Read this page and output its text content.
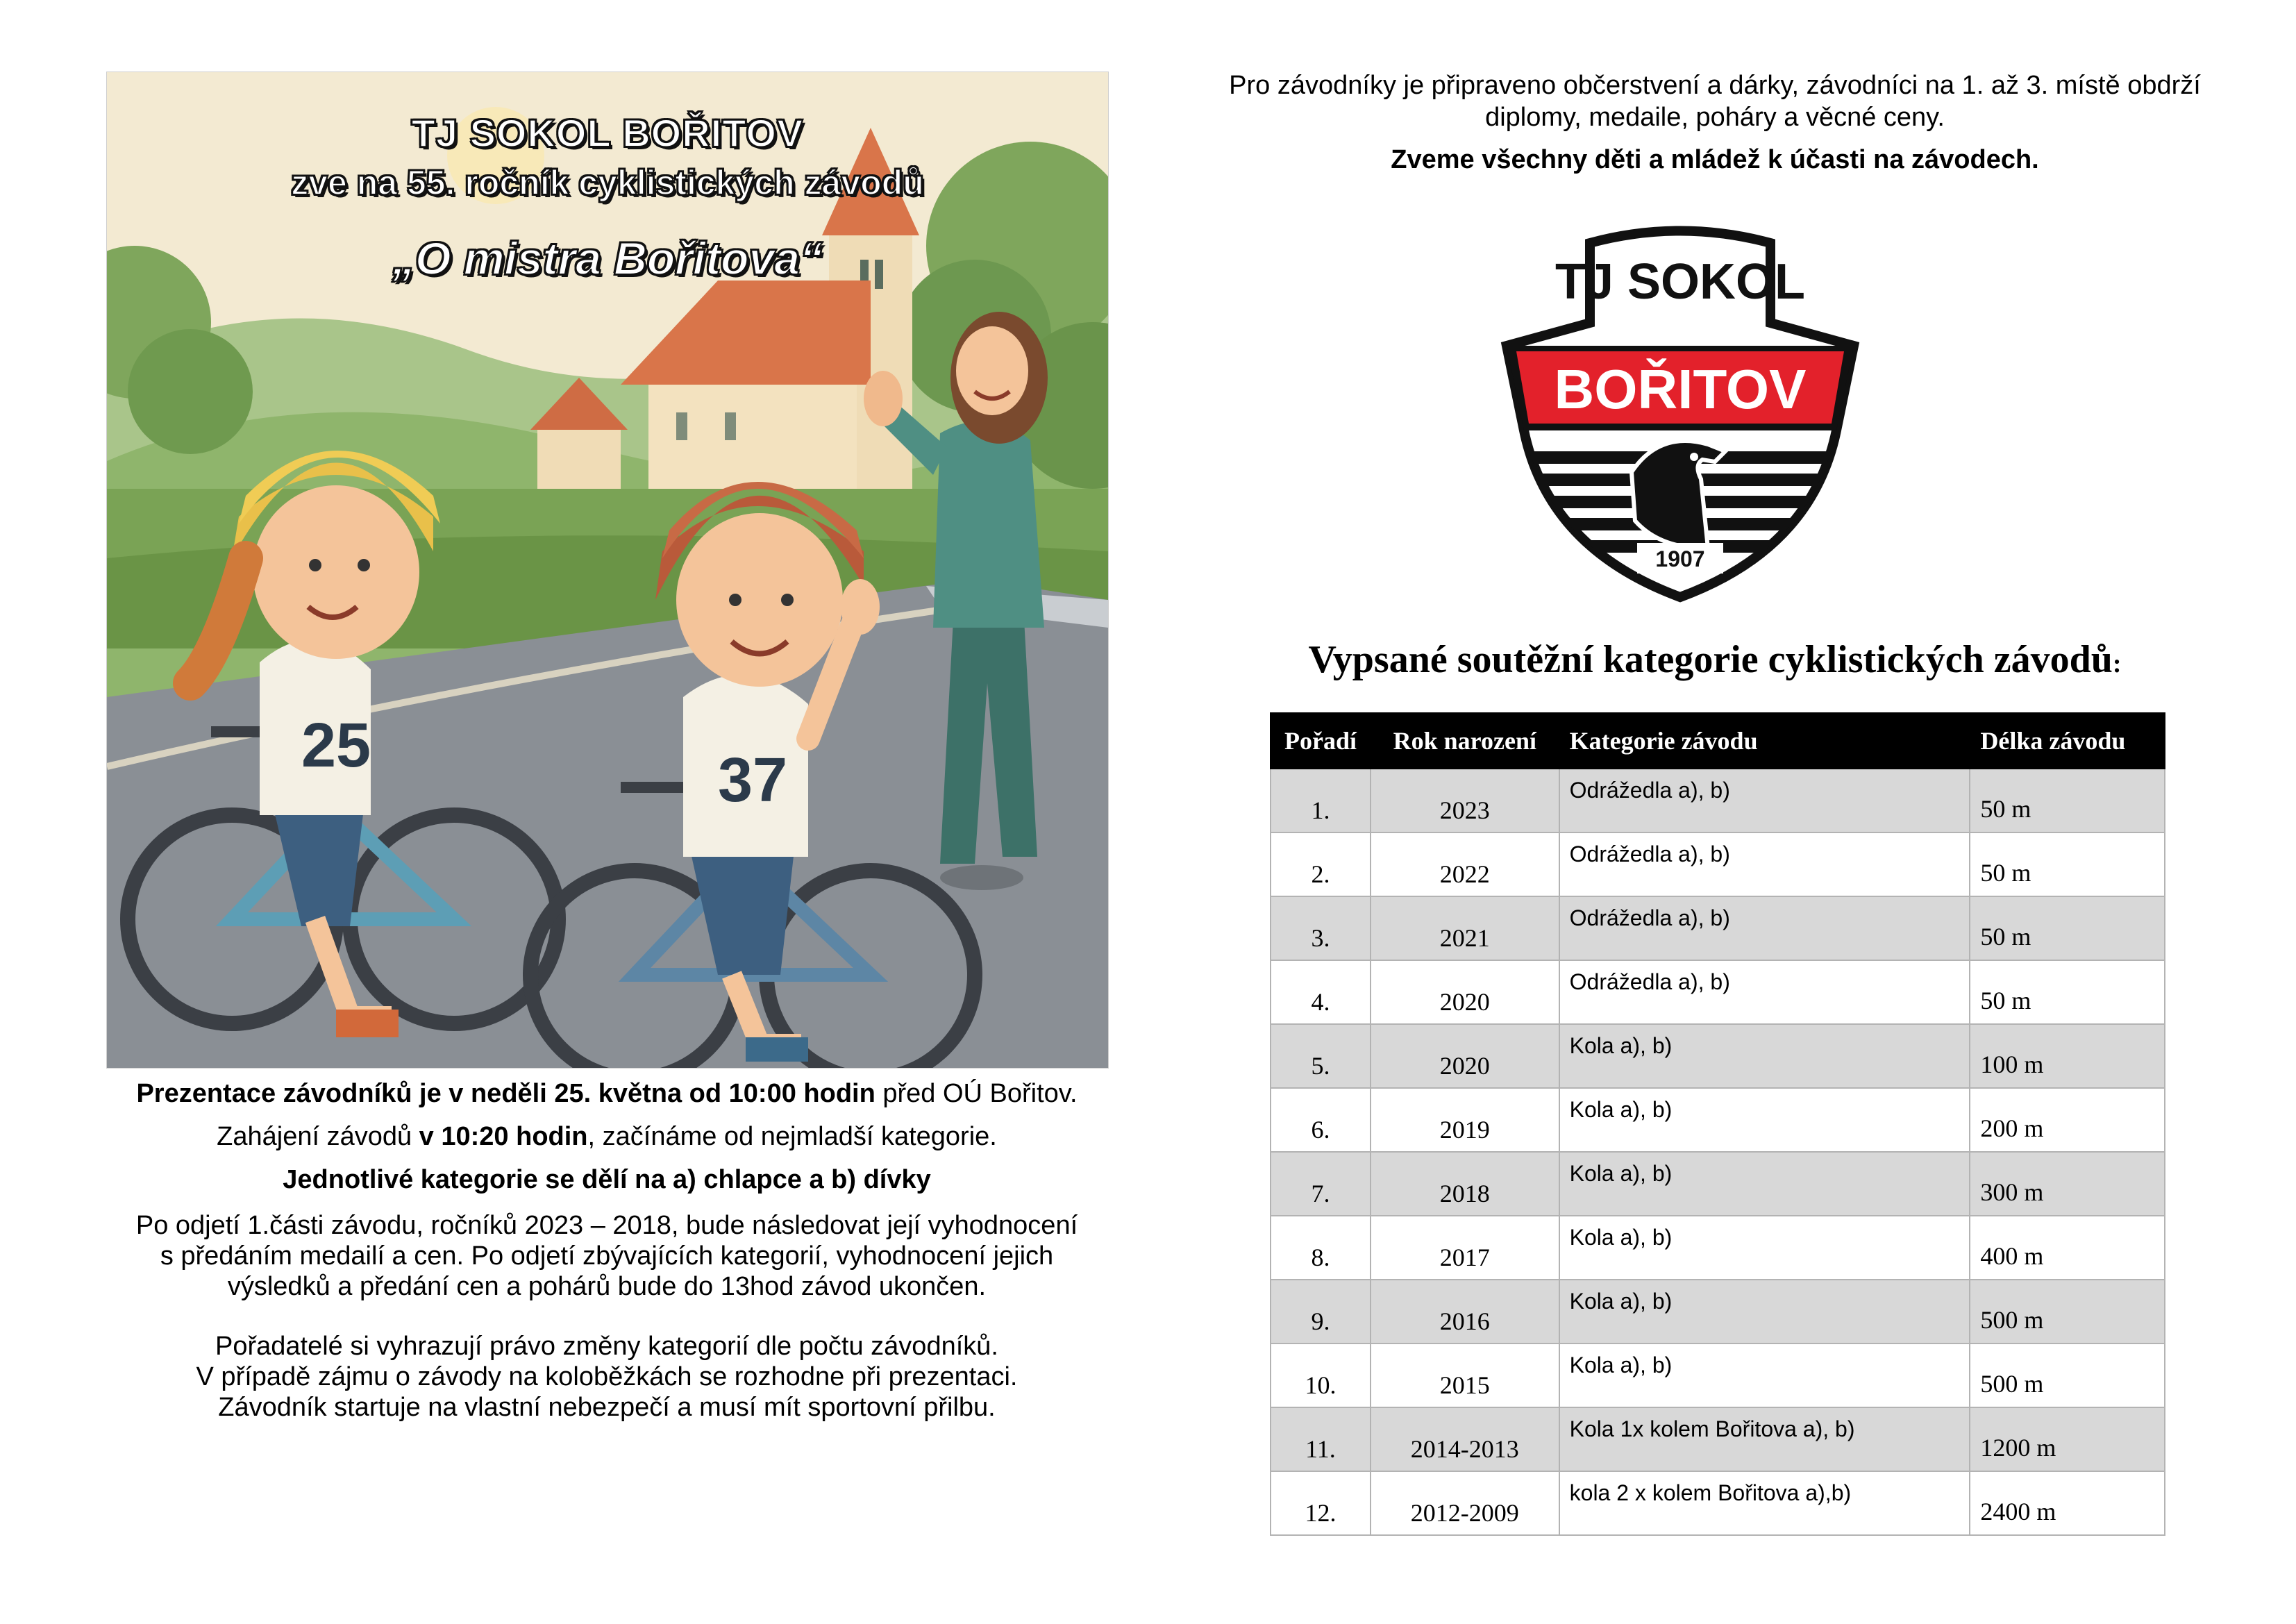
25	37
TJ SOKOL BOŘITOV
zve na 55. ročník cyklistických závodů
„O mistra Bořitova“
Prezentace závodníků je v neděli 25. května od 10:00 hodin před OÚ Bořitov.
Zahájení závodů v 10:20 hodin, začínáme od nejmladší kategorie.
Jednotlivé kategorie se dělí na a) chlapce a b) dívky
Po odjetí 1.části závodu, ročníků 2023 – 2018, bude následovat její vyhodnocení
s předáním medailí a cen. Po odjetí zbývajících kategorií, vyhodnocení jejich
výsledků a předání cen a pohárů bude do 13hod závod ukončen.
Pořadatelé si vyhrazují právo změny kategorií dle počtu závodníků.
V případě zájmu o závody na koloběžkách se rozhodne při prezentaci.
Závodník startuje na vlastní nebezpečí a musí mít sportovní přilbu.
Pro závodníky je připraveno občerstvení a dárky, závodníci na 1. až 3. místě obdrží
diplomy, medaile, poháry a věcné ceny.
Zveme všechny děti a mládež k účasti na závodech.
TJ SOKOL
BOŘITOV
1907
Vypsané soutěžní kategorie cyklistických závodů:
Pořadí	Rok narození	Kategorie závodu	Délka závodu
1.	2023	Odrážedla a), b)	50 m
2.	2022	Odrážedla a), b)	50 m
3.	2021	Odrážedla a), b)	50 m
4.	2020	Odrážedla a), b)	50 m
5.	2020	Kola a), b)	100 m
6.	2019	Kola a), b)	200 m
7.	2018	Kola a), b)	300 m
8.	2017	Kola a), b)	400 m
9.	2016	Kola a), b)	500 m
10.	2015	Kola a), b)	500 m
11.	2014-2013	Kola 1x kolem Bořitova a), b)	1200 m
12.	2012-2009	kola 2 x kolem Bořitova a),b)	2400 m
